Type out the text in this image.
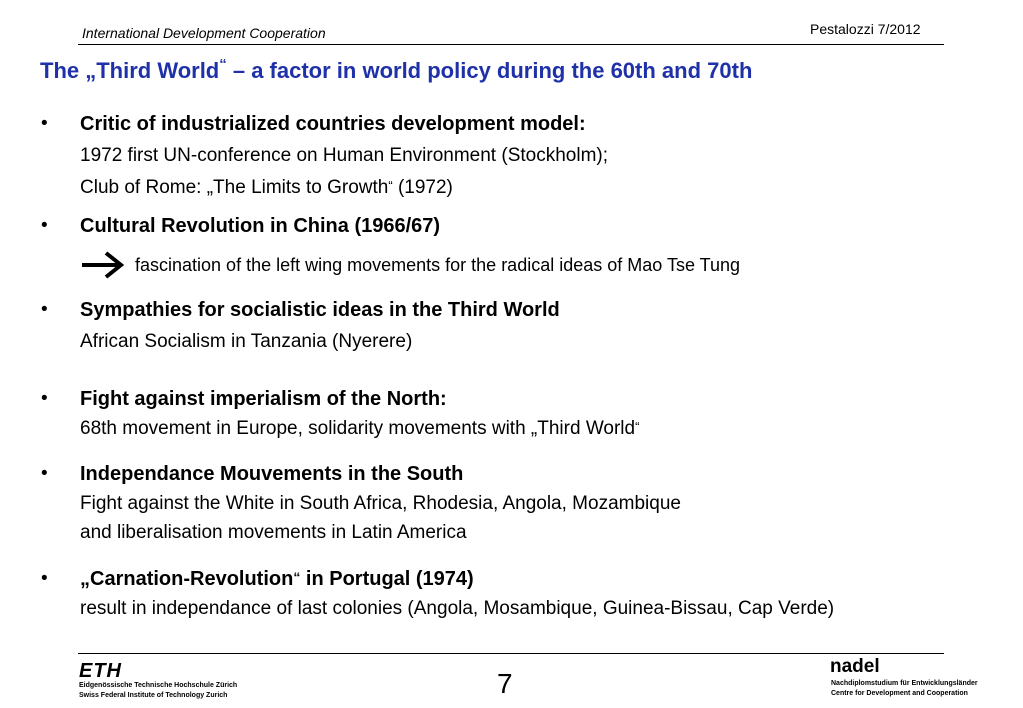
International Development Cooperation	Pestalozzi 7/2012
The „Third World“ – a factor in world policy during the 60th and 70th
• Critic of industrialized countries development model:
1972 first UN-conference on Human Environment (Stockholm);
Club of Rome: „The Limits to Growth“ (1972)
• Cultural Revolution in China (1966/67)
fascination of the left wing movements for the radical ideas of Mao Tse Tung
• Sympathies for socialistic ideas in the Third World
African Socialism in Tanzania (Nyerere)
• Fight against imperialism of the North:
68th movement in Europe, solidarity movements with „Third World“
• Independance Mouvements in the South
Fight against the White in South Africa, Rhodesia, Angola, Mozambique
and liberalisation movements in Latin America
• „Carnation-Revolution“ in Portugal (1974)
result in independance of last colonies (Angola, Mosambique, Guinea-Bissau, Cap Verde)
ETH
Eidgenössische Technische Hochschule Zürich
Swiss Federal Institute of Technology Zurich	7
nadel
Nachdiplomstudium für Entwicklungsländer
Centre for Development and Cooperation
